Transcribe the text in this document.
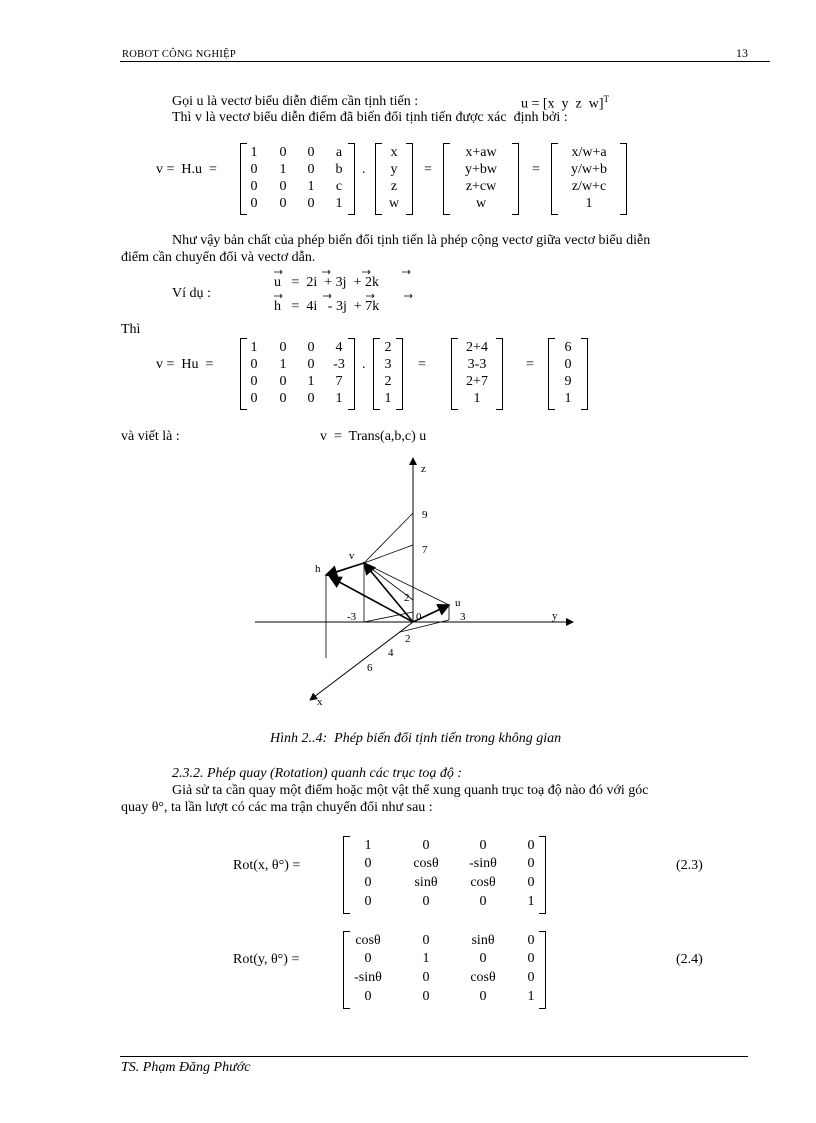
ROBOT CÔNG NGHIỆP	13
Gọi u là vectơ biểu diễn điểm cần tịnh tiến :	u = [x  y  z  w]$^T$
Thì v là vectơ biểu diễn điểm đã biến đổi tịnh tiến được xác  định bởi :
v =  H.u  =
1 0 0 a
0 1 0 b
0 0 1 c
0 0 0 1
.
x
y
z
w
=
x+aw
y+bw
z+cw
w
=
x/w+a
y/w+b
z/w+c
1
Như vậy bản chất của phép biến đổi tịnh tiến là phép cộng vectơ giữa vectơ biểu diễn
điểm cần chuyển đổi và vectơ dẫn.
Ví dụ :
u   =  2i  + 3j  + 2k
h   =  4i   - 3j  + 7k
Thì
v =  Hu  =
1 0 0 4
0 1 0 -3
0 0 1 7
0 0 0 1
.
2
3
2
1
=
2+4
3-3
2+7
1
=
6
0
9
1
và viết là :	v  =  Trans(a,b,c) u
z
y
x
u
v
h
0
9
7
2
-3	3
2
4
6
Hình 2..4:  Phép biến đổi tịnh tiến trong không gian
2.3.2. Phép quay (Rotation) quanh các trục toạ độ :
Giả sử ta cần quay một điểm hoặc một vật thể xung quanh trục toạ độ nào đó với góc
quay θ°, ta lần lượt có các ma trận chuyển đổi như sau :
Rot(x, θ°) =
1	0	0	0
0	cosθ -sinθ 0
0	sinθ cosθ 0
0	0	0	1
(2.3)
Rot(y, θ°) =
cosθ	0	sinθ 0
0	1	0	0
-sinθ	0	cosθ 0
0	0	0	1
(2.4)
TS. Phạm Đăng Phước
